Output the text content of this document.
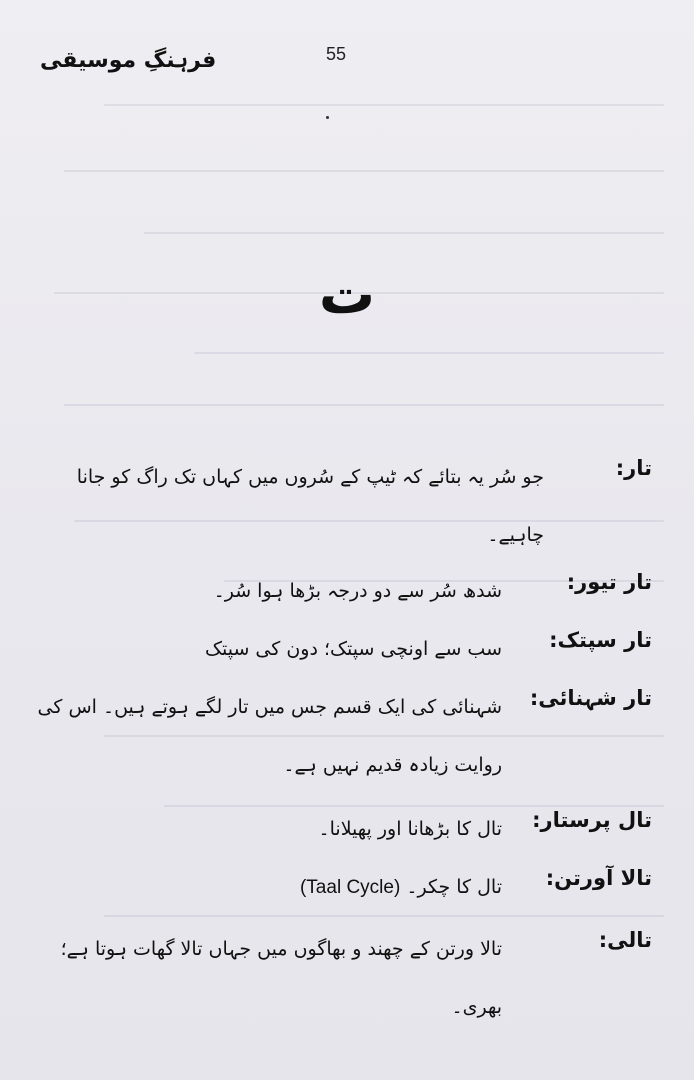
55
فرہنگِ موسیقی
ت
تار:
جو سُر یہ بتائے کہ ٹیپ کے سُروں میں کہاں تک راگ کو جانا چاہیے۔
تار تیور:
شدھ سُر سے دو درجہ بڑھا ہوا سُر۔
تار سپتک:
سب سے اونچی سپتک؛ دون کی سپتک
تار شہنائی:
شہنائی کی ایک قسم جس میں تار لگے ہوتے ہیں۔ اس کی روایت زیادہ قدیم نہیں ہے۔
تال پرستار:
تال کا بڑھانا اور پھیلانا۔
تالا آورتن:
تال کا چکر۔ (Taal Cycle)
تالی:
تالا ورتن کے چھند و بھاگوں میں جہاں تالا گھات ہوتا ہے؛ بھری۔
